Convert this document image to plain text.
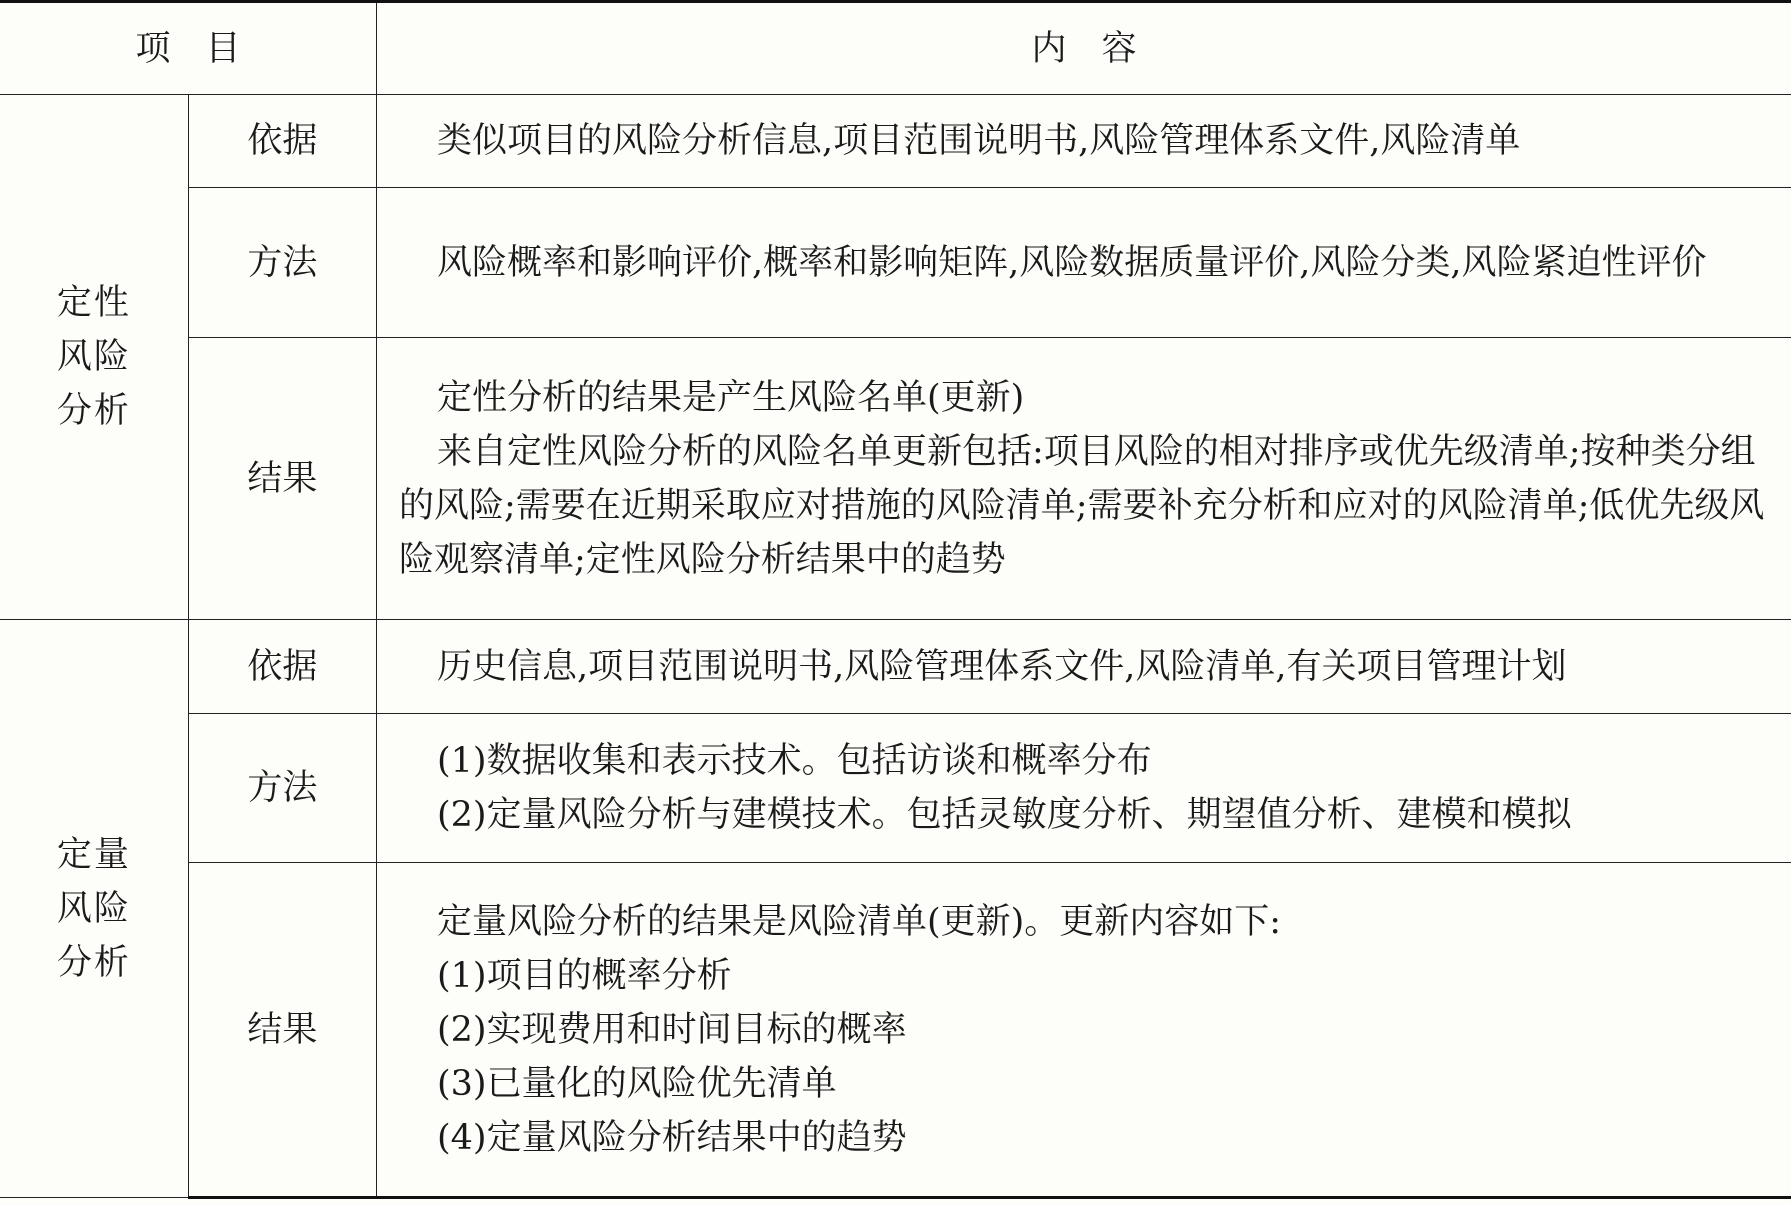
项　目		内　容
定性风险分析	依据	类似项目的风险分析信息,项目范围说明书,风险管理体系文件,风险清单

	方法	风险概率和影响评价,概率和影响矩阵,风险数据质量评价,风险分类,风险紧迫性评价

	结果	定性分析的结果是产生风险名单(更新)
来自定性风险分析的风险名单更新包括:项目风险的相对排序或优先级清单;按种类分组的风险;需要在近期采取应对措施的风险清单;需要补充分析和应对的风险清单;低优先级风险观察清单;定性风险分析结果中的趋势

定量风险分析	依据	历史信息,项目范围说明书,风险管理体系文件,风险清单,有关项目管理计划

	方法	(1)数据收集和表示技术。包括访谈和概率分布
(2)定量风险分析与建模技术。包括灵敏度分析、期望值分析、建模和模拟

	结果	定量风险分析的结果是风险清单(更新)。更新内容如下:
(1)项目的概率分析
(2)实现费用和时间目标的概率
(3)已量化的风险优先清单
(4)定量风险分析结果中的趋势
